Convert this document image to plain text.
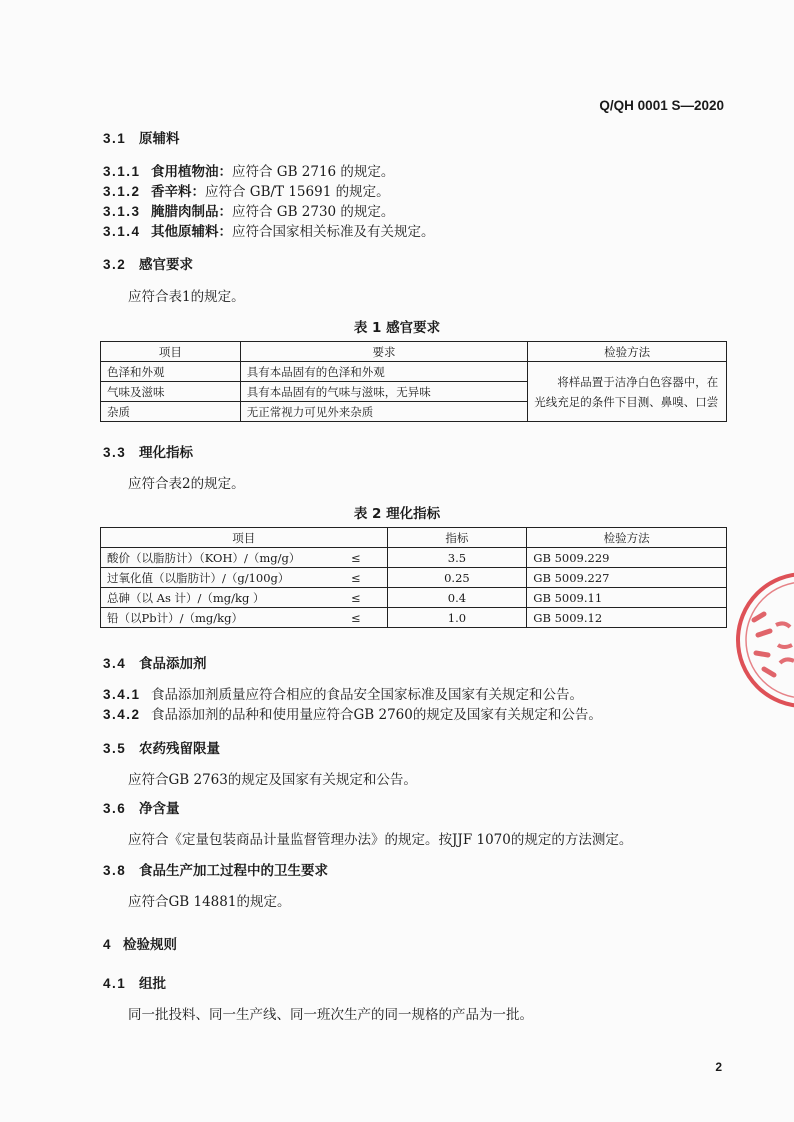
Q/QH 0001 S—2020
3.1 原辅料
3.1.1 食用植物油：应符合 GB 2716 的规定。
3.1.2 香辛料：应符合 GB/T 15691 的规定。
3.1.3 腌腊肉制品：应符合 GB 2730 的规定。
3.1.4 其他原辅料：应符合国家相关标准及有关规定。
3.2 感官要求
应符合表1的规定。
表 1 感官要求
项目	要求	检验方法
色泽和外观	具有本品固有的色泽和外观	将样品置于洁净白色容器中，在光线充足的条件下目测、鼻嗅、口尝
气味及滋味	具有本品固有的气味与滋味，无异味	
杂质	无正常视力可见外来杂质	
3.3 理化指标
应符合表2的规定。
表 2 理化指标
项目		指标	检验方法
酸价（以脂肪计）（KOH）/（mg/g）	≤	3.5	GB 5009.229
过氧化值（以脂肪计）/（g/100g）	≤	0.25	GB 5009.227
总砷（以 As 计）/（mg/kg ）	≤	0.4	GB 5009.11
铅（以Pb计）/（mg/kg）	≤	1.0	GB 5009.12
3.4 食品添加剂
3.4.1 食品添加剂质量应符合相应的食品安全国家标准及国家有关规定和公告。
3.4.2 食品添加剂的品种和使用量应符合GB 2760的规定及国家有关规定和公告。
3.5 农药残留限量
应符合GB 2763的规定及国家有关规定和公告。
3.6 净含量
应符合《定量包装商品计量监督管理办法》的规定。按JJF 1070的规定的方法测定。
3.8 食品生产加工过程中的卫生要求
应符合GB 14881的规定。
4 检验规则
4.1 组批
同一批投料、同一生产线、同一班次生产的同一规格的产品为一批。
2
